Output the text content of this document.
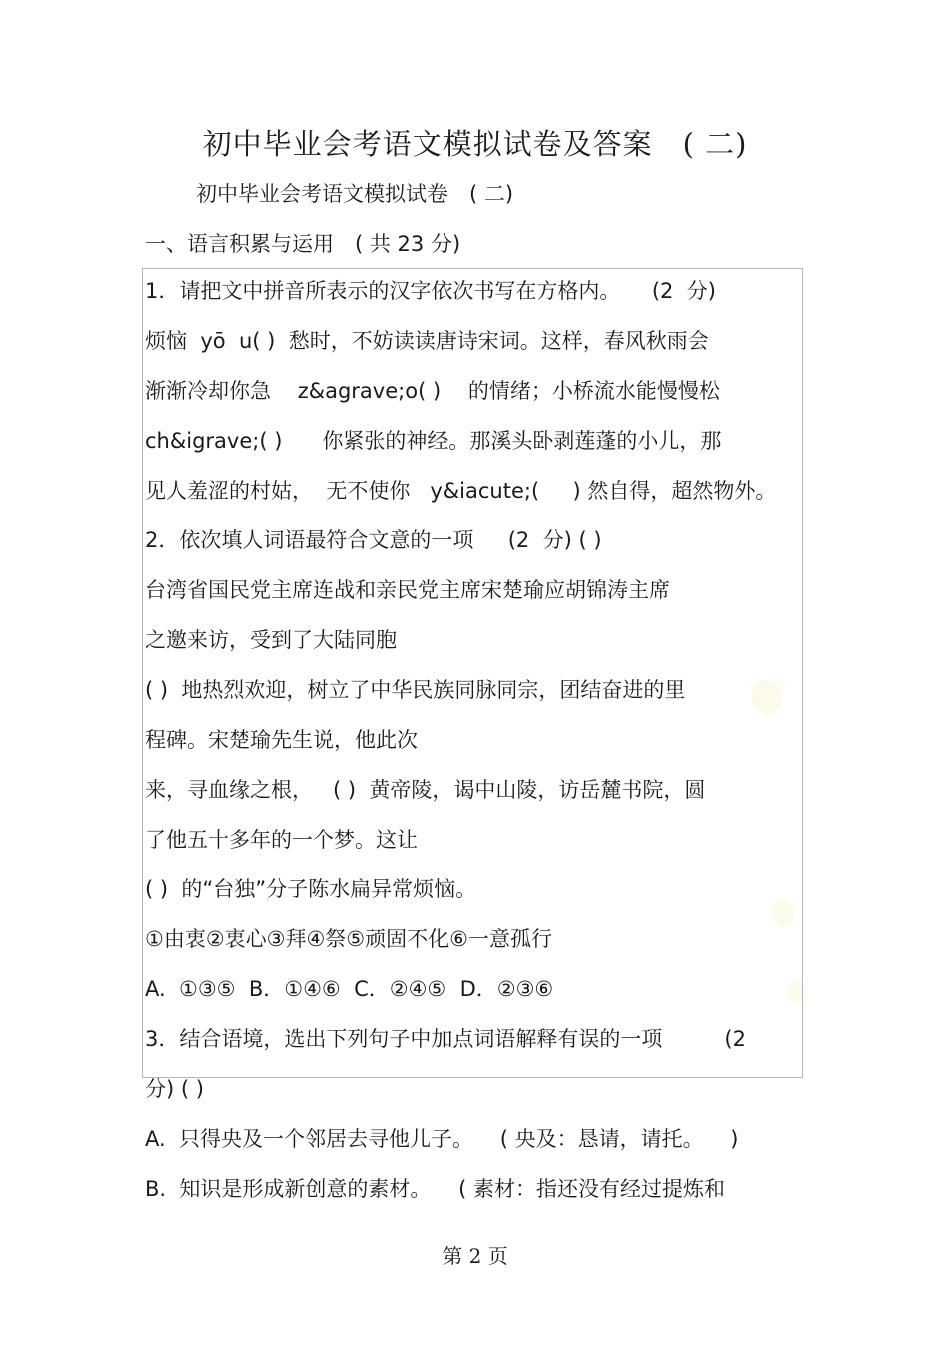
初中毕业会考语文模拟试卷及答案　( 二)
初中毕业会考语文模拟试卷　( 二)
一、语言积累与运用　( 共 23 分)
1．请把文中拼音所表示的汉字依次书写在方格内。　　(2  分)
烦恼  yō  u( )  愁时，不妨读读唐诗宋词。这样，春风秋雨会
渐渐冷却你急    z&agrave;o( )    的情绪；小桥流水能慢慢松
ch&igrave;( )      你紧张的神经。那溪头卧剥莲蓬的小儿，那
见人羞涩的村姑，  无不使你   y&iacute;(     ) 然自得，超然物外。
2．依次填人词语最符合文意的一项　  (2  分) ( )
台湾省国民党主席连战和亲民党主席宋楚瑜应胡锦涛主席
之邀来访，受到了大陆同胞
( )  地热烈欢迎，树立了中华民族同脉同宗，团结奋进的里
程碑。宋楚瑜先生说，他此次
来，寻血缘之根，   ( )  黄帝陵，谒中山陵，访岳麓书院，圆
了他五十多年的一个梦。这让
( )  的“台独”分子陈水扁异常烦恼。
①由衷②衷心③拜④祭⑤顽固不化⑥一意孤行
A.  ①③⑤  B．①④⑥  C．②④⑤  D．②③⑥
3．结合语境，选出下列句子中加点词语解释有误的一项　　   (2
分) ( )
A.  只得央及一个邻居去寻他儿子。    ( 央及：恳请，请托。    )
B.  知识是形成新创意的素材。    ( 素材：指还没有经过提炼和
第 2 页
